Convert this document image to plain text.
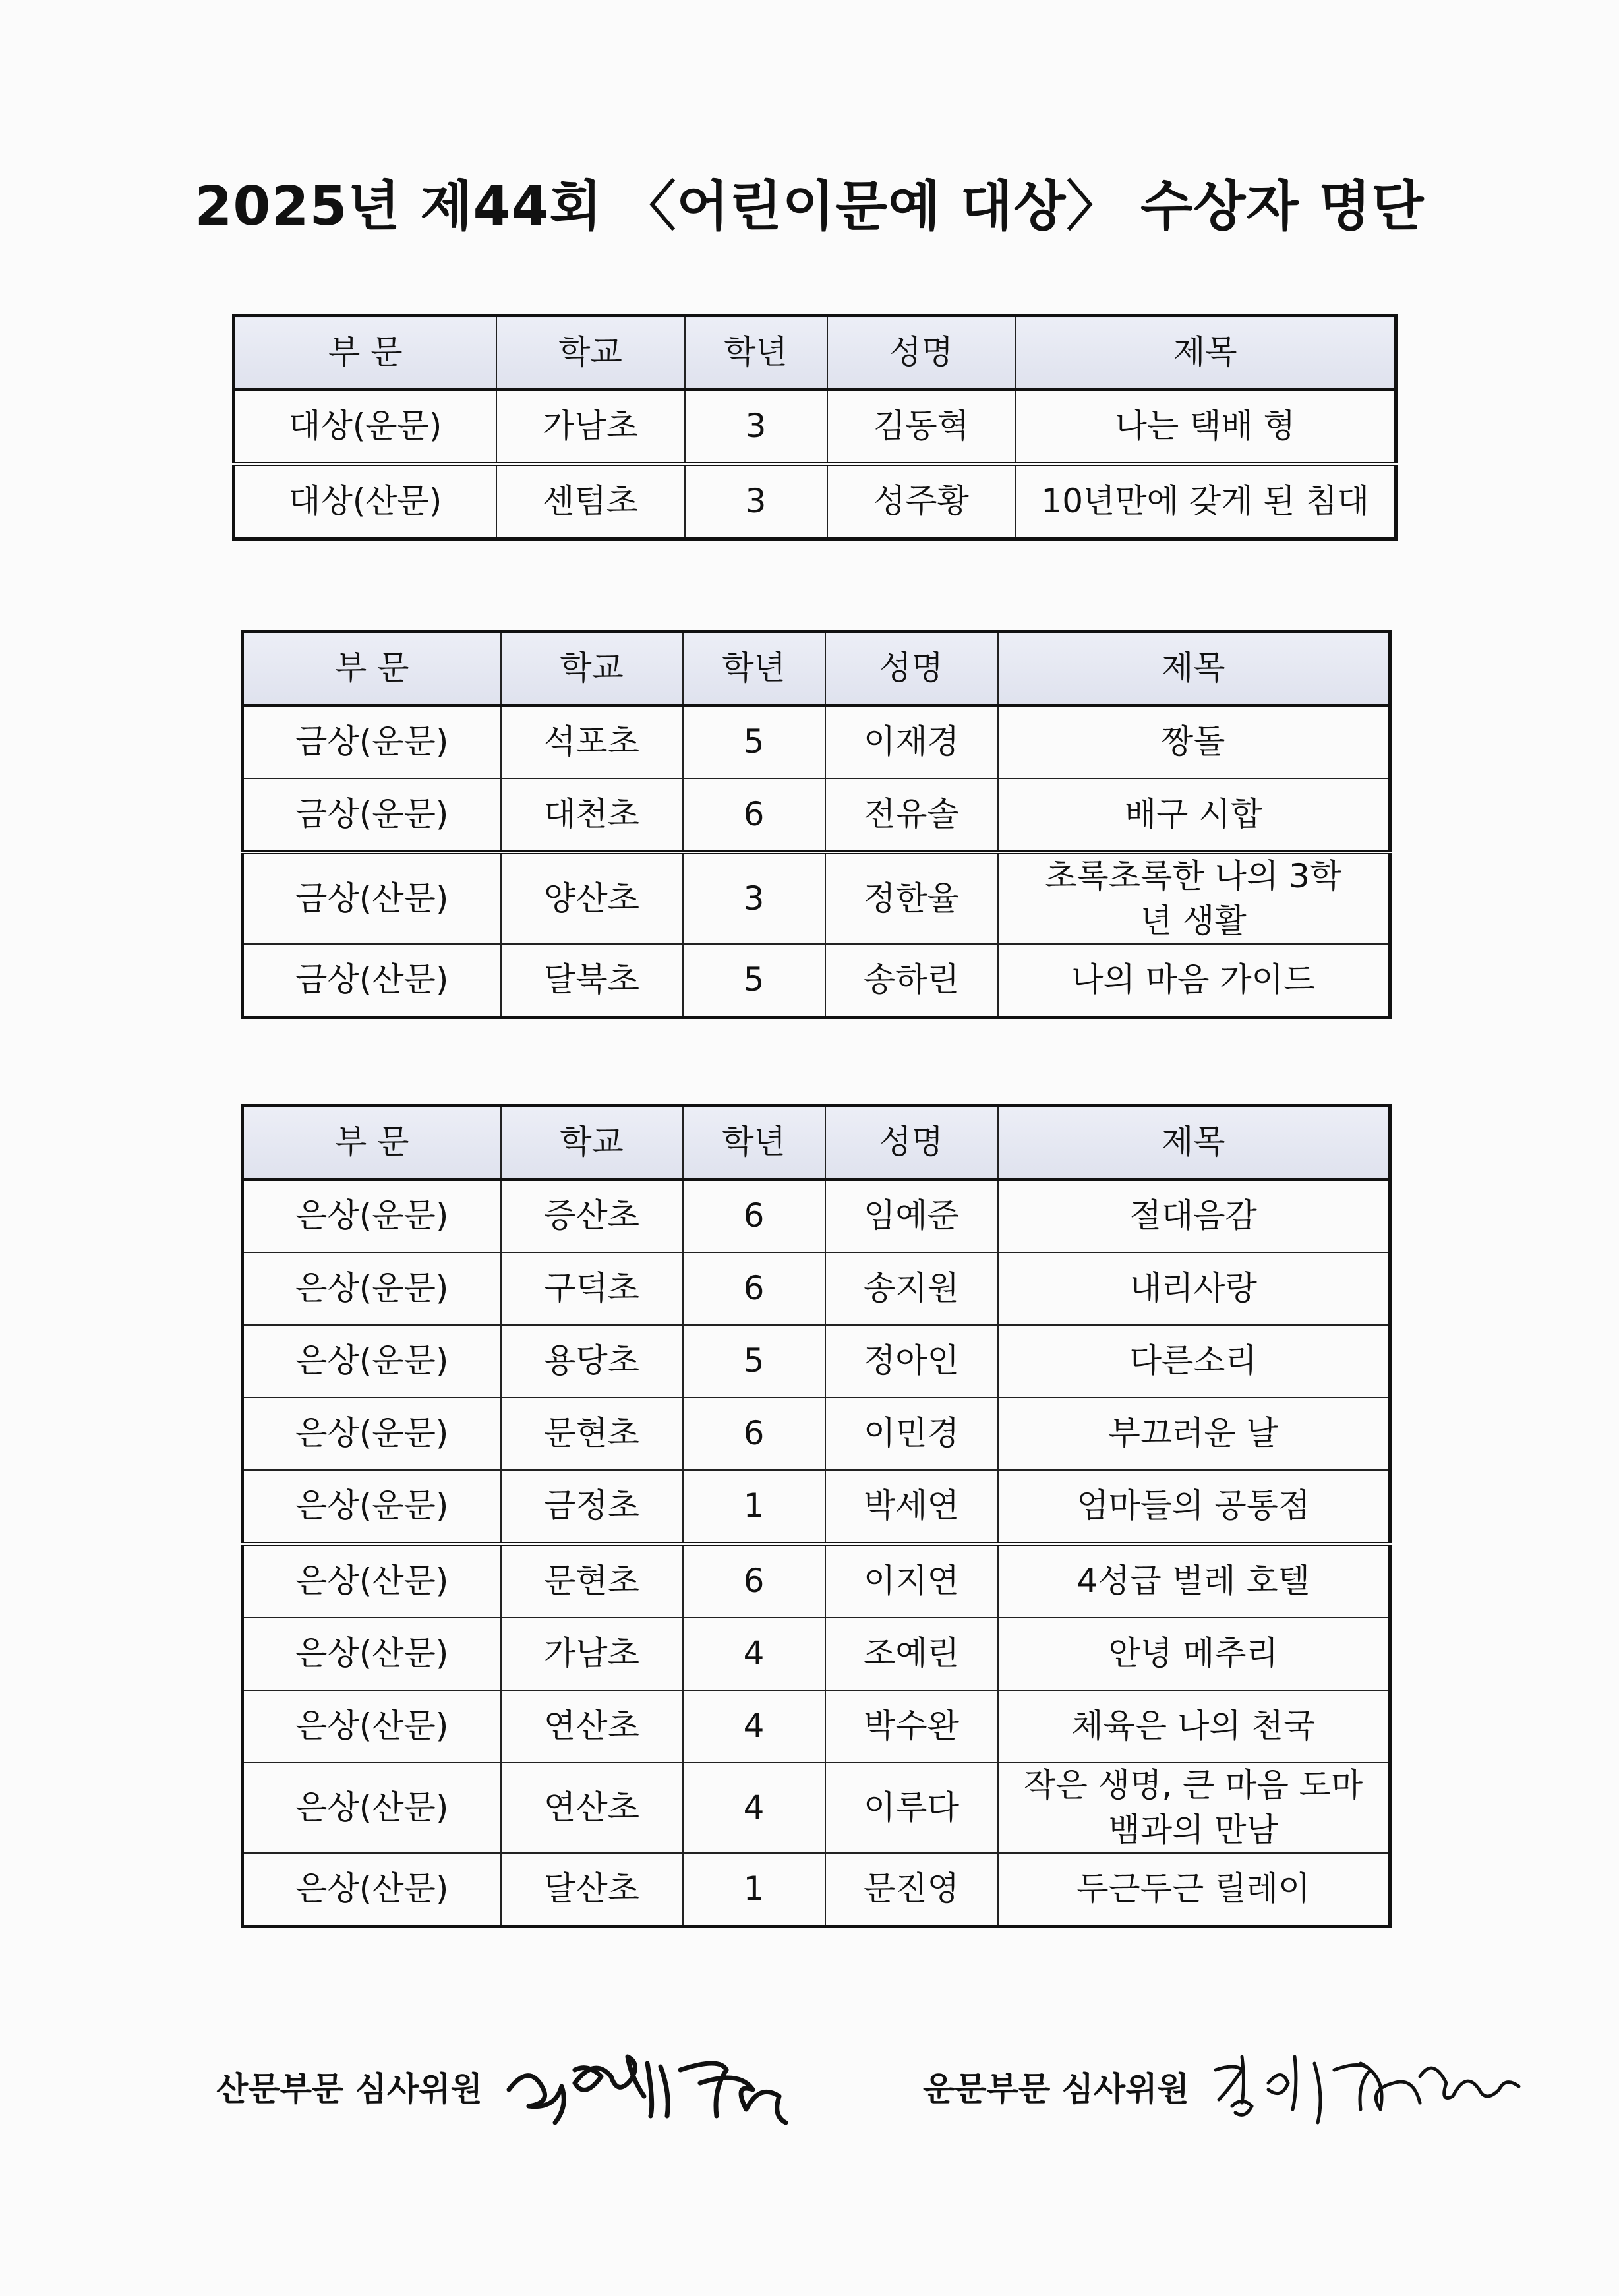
2025년 제44회 〈어린이문예 대상〉 수상자 명단
부 문	학교	학년	성명	제목
대상(운문)	가남초	3	김동혁	나는 택배 형
대상(산문)	센텀초	3	성주황	10년만에 갖게 된 침대
부 문	학교	학년	성명	제목
금상(운문)	석포초	5	이재경	짱돌
금상(운문)	대천초	6	전유솔	배구 시합
금상(산문)	양산초	3	정한율	초록초록한 나의 3학년 생활
금상(산문)	달북초	5	송하린	나의 마음 가이드
부 문	학교	학년	성명	제목
은상(운문)	증산초	6	임예준	절대음감
은상(운문)	구덕초	6	송지원	내리사랑
은상(운문)	용당초	5	정아인	다른소리
은상(운문)	문현초	6	이민경	부끄러운 날
은상(운문)	금정초	1	박세연	엄마들의 공통점
은상(산문)	문현초	6	이지연	4성급 벌레 호텔
은상(산문)	가남초	4	조예린	안녕 메추리
은상(산문)	연산초	4	박수완	체육은 나의 천국
은상(산문)	연산초	4	이루다	작은 생명, 큰 마음 도마뱀과의 만남
은상(산문)	달산초	1	문진영	두근두근 릴레이
산문부문 심사위원	운문부문 심사위원
